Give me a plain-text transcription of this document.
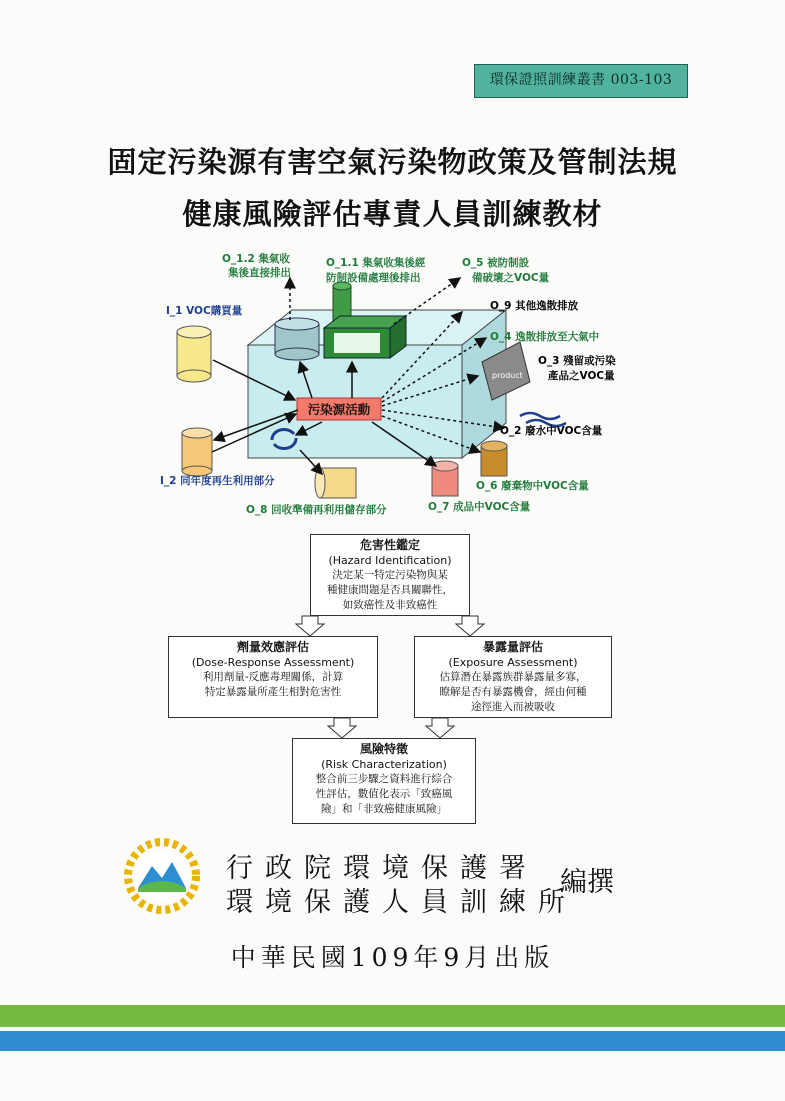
環保證照訓練叢書 003-103
固定污染源有害空氣污染物政策及管制法規
健康風險評估專責人員訓練教材
product
污染源活動
O_1.2 集氣收
集後直接排出
O_1.1 集氣收集後經
防制設備處理後排出
O_5 被防制設
備破壞之VOC量
I_1 VOC購買量	O_9 其他逸散排放
O_4 逸散排放至大氣中
O_3 殘留或污染
產品之VOC量
O_2 廢水中VOC含量
I_2 同年度再生利用部分	O_6 廢棄物中VOC含量
O_8 回收準備再利用儲存部分	O_7 成品中VOC含量
危害性鑑定
(Hazard Identification)
決定某一特定污染物與某
種健康問題是否具關聯性，
如致癌性及非致癌性
劑量效應評估
(Dose-Response Assessment)
利用劑量-反應毒理關係，計算
特定暴露量所產生相對危害性
暴露量評估
(Exposure Assessment)
估算潛在暴露族群暴露量多寡，
瞭解是否有暴露機會，經由何種
途徑進入而被吸收
風險特徵
(Risk Characterization)
整合前三步驟之資料進行綜合
性評估，數值化表示「致癌風
險」和「非致癌健康風險」
行政院環境保護署
環境保護人員訓練所
編撰
中華民國109年9月出版
